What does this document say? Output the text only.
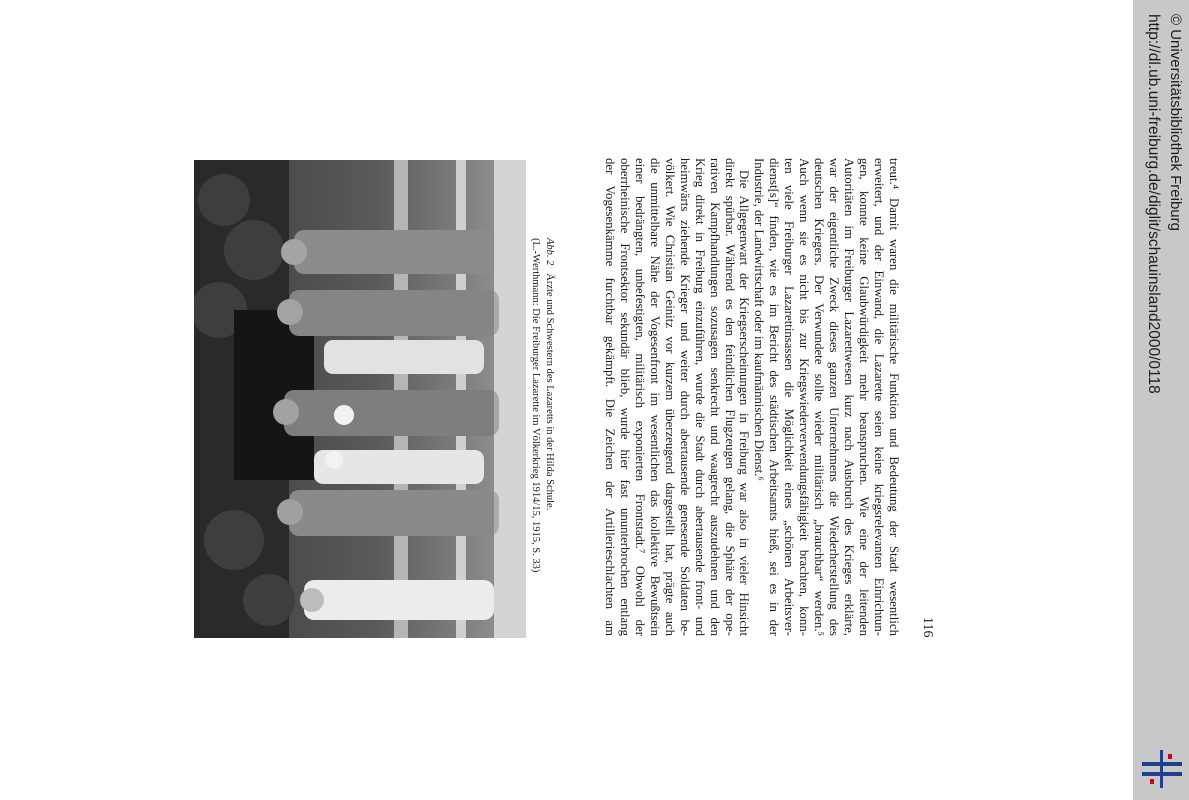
Abb. 2   Ärzte und Schwestern des Lazaretts in der Hilda Schule.
(L.-Werthmann: Die Freiburger Lazarette im Völkerkrieg 1914/15, 1915, S. 33)	treut.⁴ Damit waren die militärische Funktion und Bedeutung der Stadt wesentlich
erweitert, und der Einwand, die Lazarette seien keine kriegsrelevanten Einrichtun-
gen, konnte keine Glaubwürdigkeit mehr beanspruchen. Wie eine der leitenden
Autoritäten im Freiburger Lazarettwesen kurz nach Ausbruch des Krieges erklärte,
war der eigentliche Zweck dieses ganzen Unternehmens die Wiederherstellung des
deutschen Kriegers. Der Verwundete sollte wieder militärisch „brauchbar“ werden.⁵
Auch wenn sie es nicht bis zur Kriegswiederverwendungsfähigkeit brachten, konn-
ten viele Freiburger Lazarettinsassen die Möglichkeit eines „schönen Arbeitsver-
dienst[s]“ finden, wie es im Bericht des städtischen Arbeitsamts hieß, sei es in der
Industrie, der Landwirtschaft oder im kaufmännischen Dienst.⁶
Die Allgegenwart der Kriegserscheinungen in Freiburg war also in vieler Hinsicht
direkt spürbar. Während es den feindlichen Flugzeugen gelang, die Sphäre der ope-
rativen Kampfhandlungen sozusagen senkrecht und waagrecht auszudehnen und den
Krieg direkt in Freiburg einzuführen, wurde die Stadt durch abertausende front- und
heimwärts ziehende Krieger und weiter durch abertausende genesende Soldaten be-
völkert. Wie Christian Geinitz vor kurzem überzeugend dargestellt hat, prägte auch
die unmittelbare Nähe der Vogesenfront im wesentlichen das kollektive Bewußtsein
einer bedrängten, unbefestigten, militärisch exponierten Frontstadt.⁷ Obwohl der
oberrheinische Frontsektor sekundär blieb, wurde hier fast ununterbrochen entlang
der Vogesenkämme furchtbar gekämpft. Die Zeichen der Artillerieschlachten am	116
http://dl.ub.uni-freiburg.de/diglit/schauinsland2000/0118 © Universitätsbibliothek Freiburg
